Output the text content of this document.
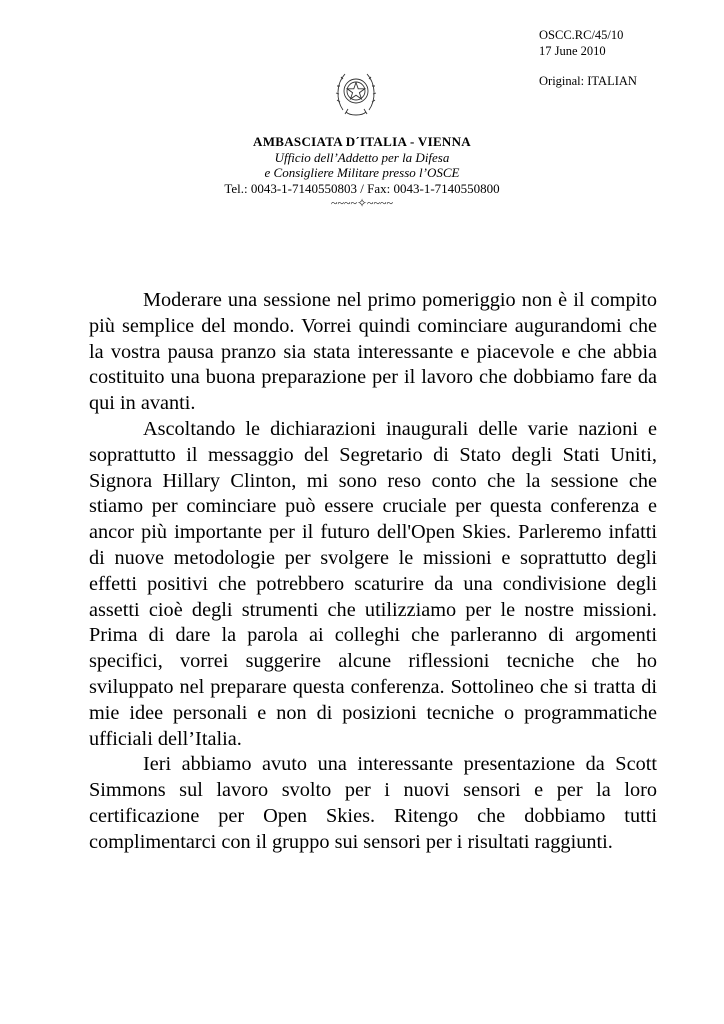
OSCC.RC/45/10
17 June 2010
Original: ITALIAN
AMBASCIATA D´ITALIA - VIENNA
Ufficio dell’Addetto per la Difesa
e Consigliere Militare presso l’OSCE
Tel.: 0043-1-7140550803 / Fax: 0043-1-7140550800
~~~~✧~~~~

Moderare una sessione nel primo pomeriggio non è il compito più semplice del mondo. Vorrei quindi cominciare augurandomi che la vostra pausa pranzo sia stata interessante e piacevole e che abbia costituito una buona preparazione per il lavoro che dobbiamo fare da qui in avanti.

Ascoltando le dichiarazioni inaugurali delle varie nazioni e soprattutto il messaggio del Segretario di Stato degli Stati Uniti, Signora Hillary Clinton, mi sono reso conto che la sessione che stiamo per cominciare può essere cruciale per questa conferenza e ancor più importante per il futuro dell'Open Skies. Parleremo infatti di nuove metodologie per svolgere le missioni e soprattutto degli effetti positivi che potrebbero scaturire da una condivisione degli assetti cioè degli strumenti che utilizziamo per le nostre missioni. Prima di dare la parola ai colleghi che parleranno di argomenti specifici, vorrei suggerire alcune riflessioni tecniche che ho sviluppato nel preparare questa conferenza. Sottolineo che si tratta di mie idee personali e non di posizioni tecniche o programmatiche ufficiali dell’Italia.

Ieri abbiamo avuto una interessante presentazione da Scott Simmons sul lavoro svolto per i nuovi sensori e per la loro certificazione per Open Skies. Ritengo che dobbiamo tutti complimentarci con il gruppo sui sensori per i risultati raggiunti.
